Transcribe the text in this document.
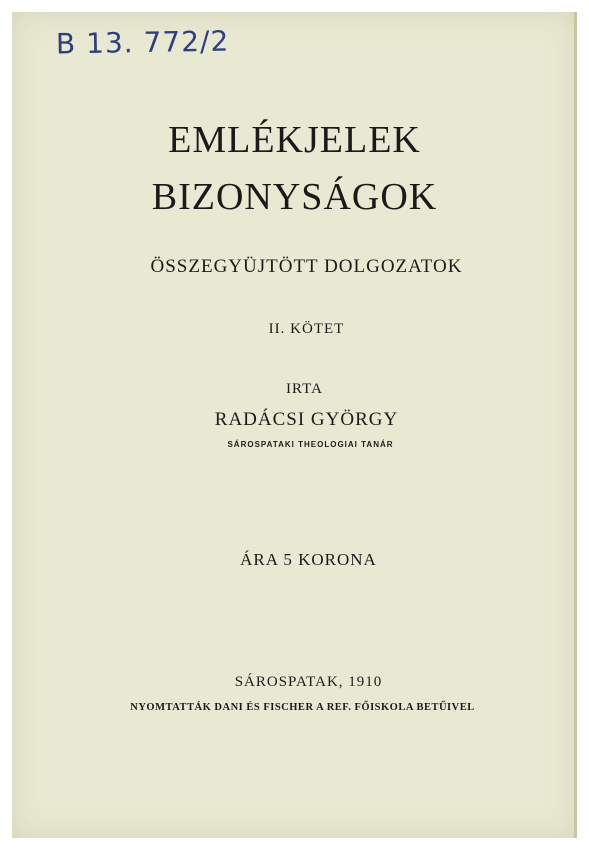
B 13. 772/2
EMLÉKJELEK
BIZONYSÁGOK
ÖSSZEGYÜJTÖTT DOLGOZATOK
II. KÖTET
IRTA
RADÁCSI GYÖRGY
SÁROSPATAKI THEOLOGIAI TANÁR
ÁRA 5 KORONA
SÁROSPATAK, 1910
NYOMTATTÁK DANI ÉS FISCHER A REF. FŐISKOLA BETŰIVEL
